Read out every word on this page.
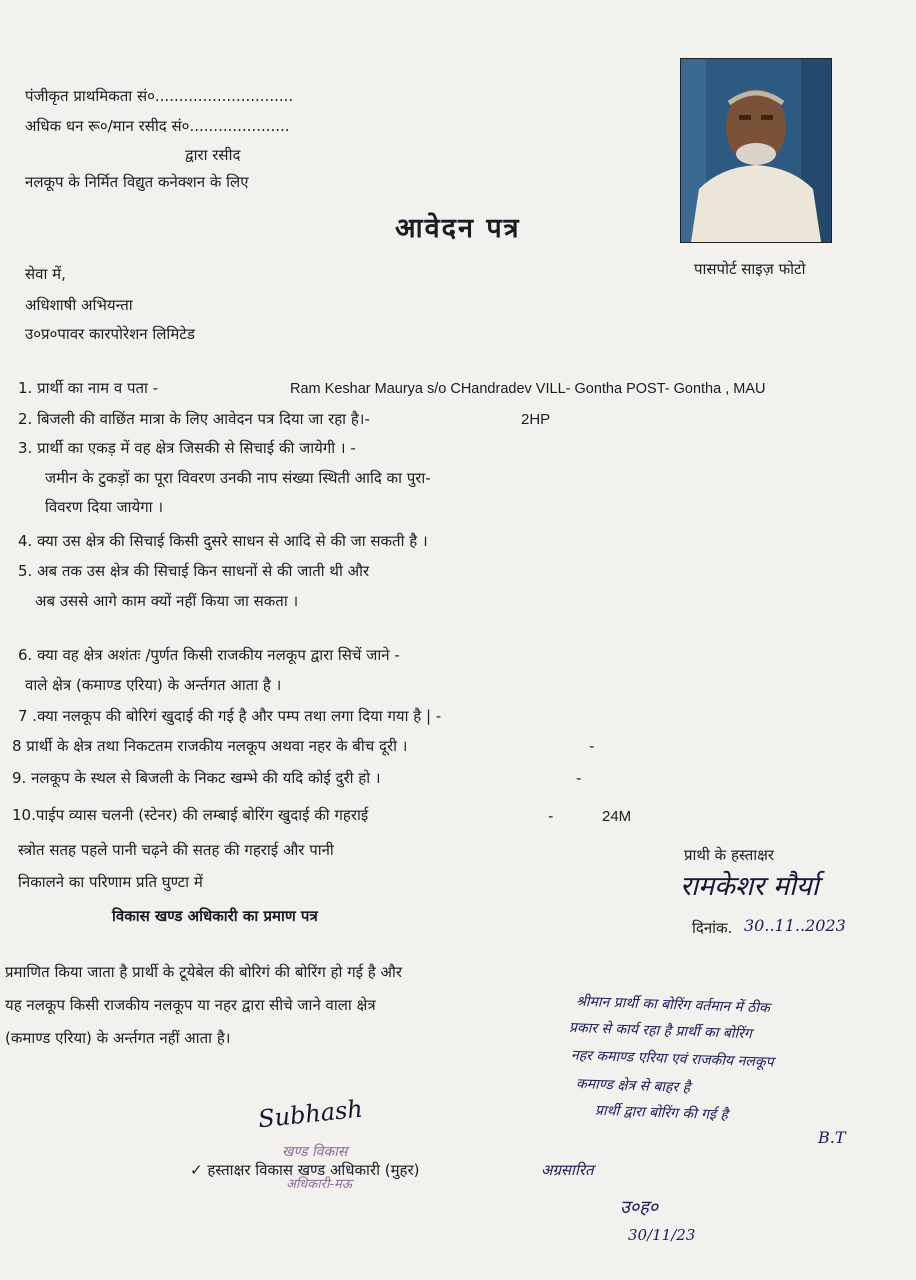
पंजीकृत प्राथमिकता सं०.............................
अधिक धन रू०/मान रसीद सं०.....................
द्वारा रसीद
नलकूप के निर्मित विद्युत कनेक्शन के लिए
आवेदन पत्र
पासपोर्ट साइज़ फोटो
सेवा में,
अधिशाषी अभियन्ता
उ०प्र०पावर कारपोरेशन लिमिटेड
1. प्रार्थी का नाम व पता -	Ram Keshar Maurya s/o CHandradev VILL- Gontha POST- Gontha , MAU
2. बिजली की वाछिंत मात्रा के लिए आवेदन पत्र दिया जा रहा है।-	2HP
3. प्रार्थी का एकड़ में वह क्षेत्र जिसकी से सिचाई की जायेगी । -
जमीन के टुकड़ों का पूरा विवरण उनकी नाप संख्या स्थिती आदि का पुरा-
विवरण दिया जायेगा ।
4. क्या उस क्षेत्र की सिचाई किसी दुसरे साधन से आदि से की जा सकती है ।
5. अब तक उस क्षेत्र की सिचाई किन साधनों से की जाती थी और
अब उससे आगे काम क्यों नहीं किया जा सकता ।
6. क्या वह क्षेत्र अशंतः /पुर्णत किसी राजकीय नलकूप द्वारा सिचें जाने -
वाले क्षेत्र (कमाण्ड एरिया) के अर्न्तगत आता है ।
7 .क्या नलकूप की बोरिगं खुदाई की गई है और पम्प तथा लगा दिया गया है | -
8 प्रार्थी के क्षेत्र तथा निकटतम राजकीय नलकूप अथवा नहर के बीच दूरी ।	-
9. नलकूप के स्थल से बिजली के निकट खम्भे की यदि कोई दुरी हो ।	-
10.पाईप व्यास चलनी (स्टेनर) की लम्बाई बोरिंग खुदाई की गहराई	-	24M
स्त्रोत सतह पहले पानी चढ़ने की सतह की गहराई और पानी
निकालने का परिणाम प्रति घुण्टा में
प्राथी के हस्ताक्षर
रामकेशर मौर्या
दिनांक. 30..11..2023
विकास खण्ड अधिकारी का प्रमाण पत्र
प्रमाणित किया जाता है प्रार्थी के टूयेबेल की बोरिगं की बोरिंग हो गई है और
यह नलकूप किसी राजकीय नलकूप या नहर द्वारा सीचे जाने वाला क्षेत्र
(कमाण्ड एरिया) के अर्न्तगत नहीं आता है।
श्रीमान प्रार्थी का बोरिंग वर्तमान में ठीक
प्रकार से कार्य रहा है प्रार्थी का बोरिंग
नहर कमाण्ड एरिया एवं राजकीय नलकूप
कमाण्ड क्षेत्र से बाहर है
प्रार्थी द्वारा बोरिंग की गई है
B.T
खण्ड विकास
अधिकारी-मऊ
Subhash
✓ हस्ताक्षर विकास खण्ड अधिकारी (मुहर)	अग्रसारित
उ०ह०
30/11/23
